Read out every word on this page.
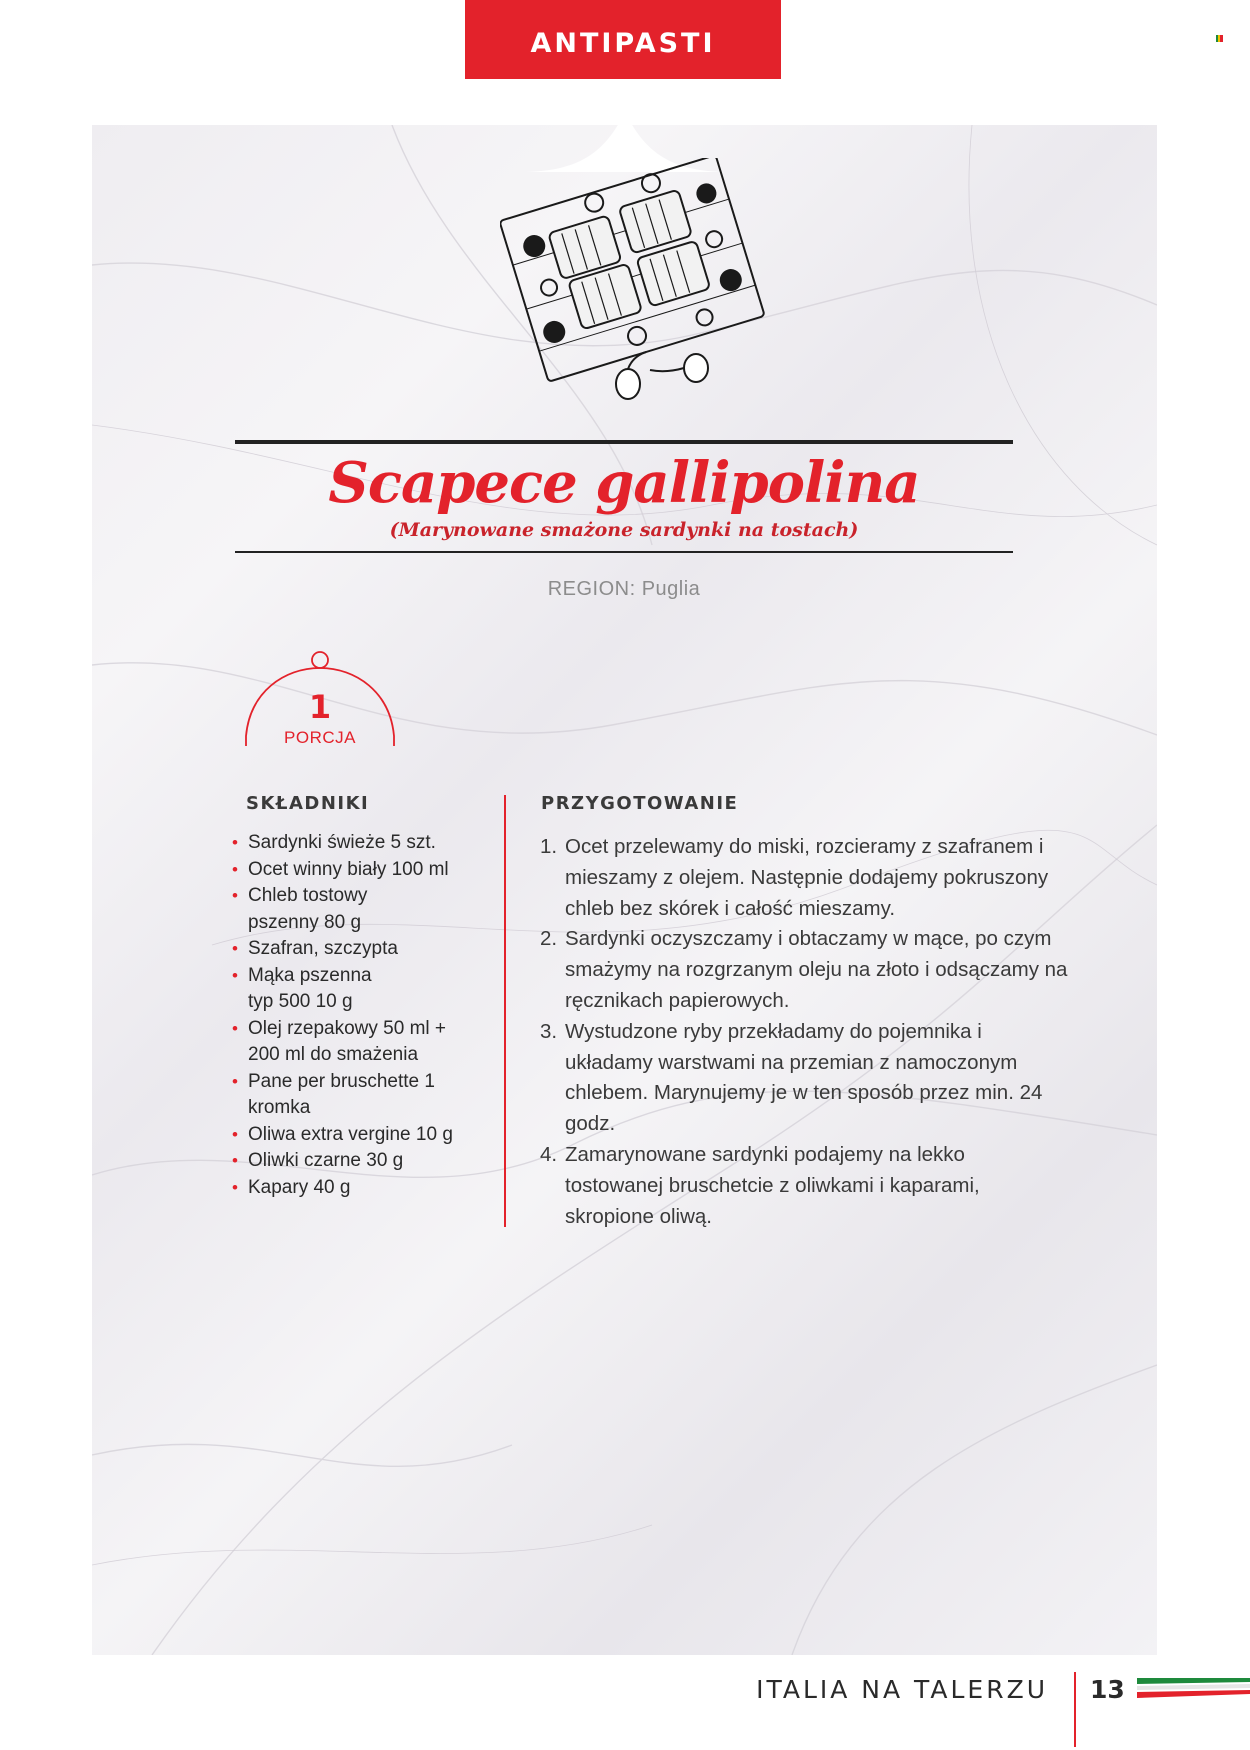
ANTIPASTI
Scapece gallipolina
(Marynowane smażone sardynki na tostach)
REGION: Puglia
1
PORCJA
SKŁADNIKI
• Sardynki świeże 5 szt.
• Ocet winny biały 100 ml
• Chleb tostowy pszenny 80 g
• Szafran, szczypta
• Mąka pszenna typ 500 10 g
• Olej rzepakowy 50 ml + 200 ml do smażenia
• Pane per bruschette 1 kromka
• Oliwa extra vergine 10 g
• Oliwki czarne 30 g
• Kapary 40 g
PRZYGOTOWANIE
1. Ocet przelewamy do miski, rozcieramy z szafranem i mieszamy z olejem. Następnie dodajemy pokruszony chleb bez skórek i całość mieszamy.
2. Sardynki oczyszczamy i obtaczamy w mące, po czym smażymy na rozgrzanym oleju na złoto i odsączamy na ręcznikach papierowych.
3. Wystudzone ryby przekładamy do pojemnika i układamy warstwami na przemian z namoczonym chlebem. Marynujemy je w ten sposób przez min. 24 godz.
4. Zamarynowane sardynki podajemy na lekko tostowanej bruschetcie z oliwkami i kaparami, skropione oliwą.
ITALIA NA TALERZU 13
